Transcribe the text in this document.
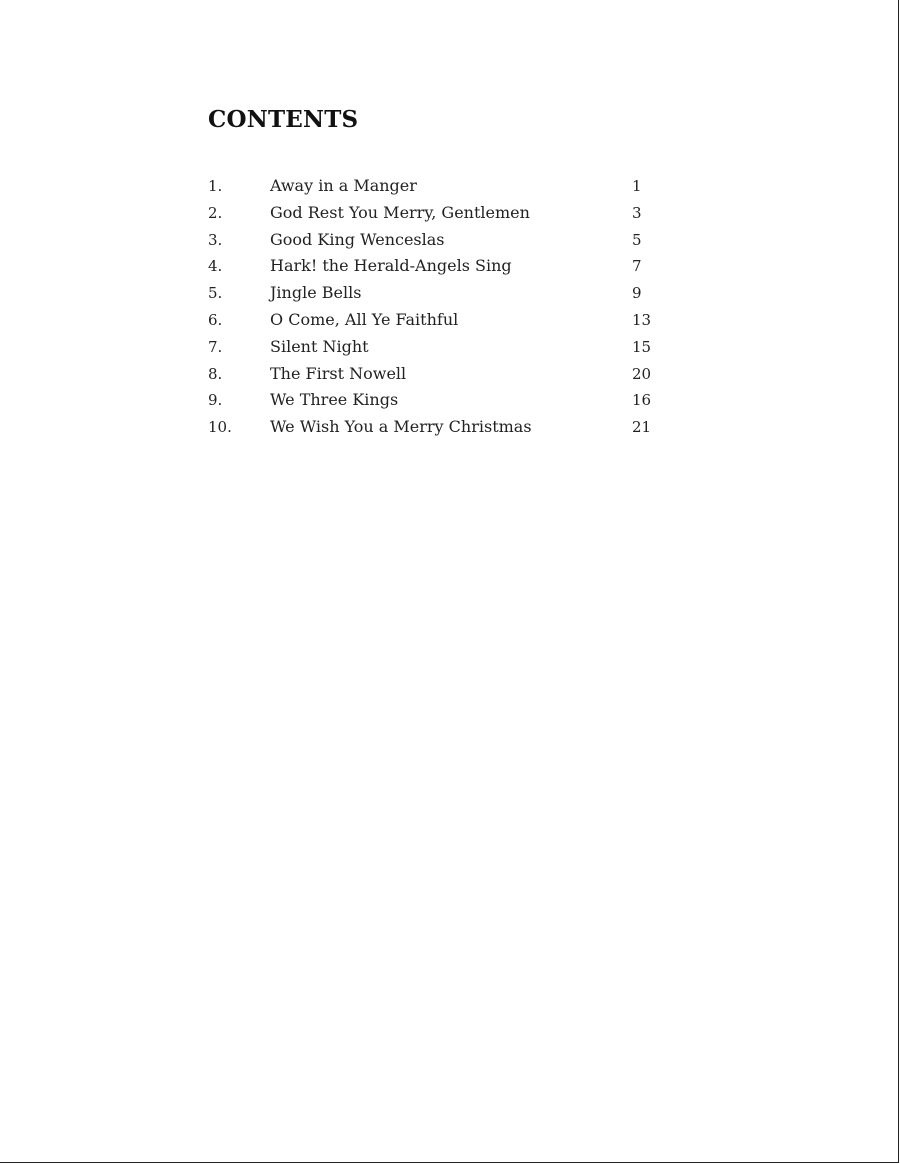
CONTENTS
1.	Away in a Manger	1
2.	God Rest You Merry, Gentlemen	3
3.	Good King Wenceslas	5
4.	Hark! the Herald-Angels Sing	7
5.	Jingle Bells	9
6.	O Come, All Ye Faithful	13
7.	Silent Night	15
8.	The First Nowell	20
9.	We Three Kings	16
10. We Wish You a Merry Christmas	21
